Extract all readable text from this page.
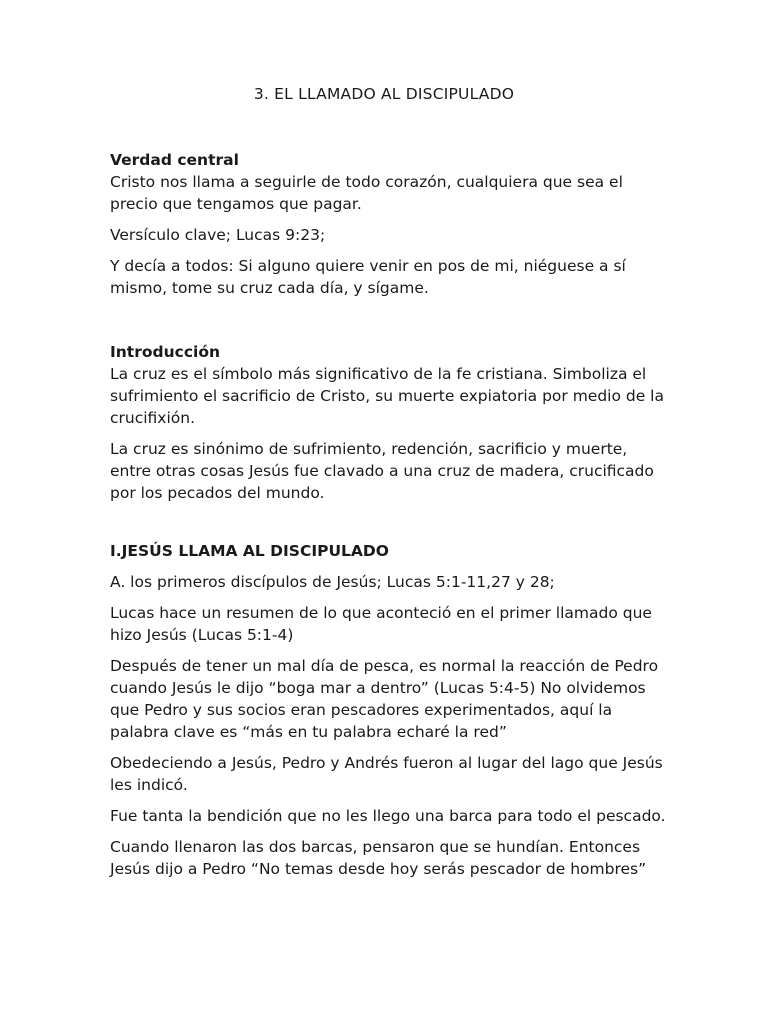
3. EL LLAMADO AL DISCIPULADO
Verdad central
Cristo nos llama a seguirle de todo corazón, cualquiera que sea el precio que tengamos que pagar.
Versículo clave; Lucas 9:23;
Y decía a todos: Si alguno quiere venir en pos de mi, niéguese a sí mismo, tome su cruz cada día, y sígame.
Introducción
La cruz es el símbolo más significativo de la fe cristiana. Simboliza el sufrimiento el sacrificio de Cristo, su muerte expiatoria por medio de la crucifixión.
La cruz es sinónimo de sufrimiento, redención, sacrificio y muerte, entre otras cosas Jesús fue clavado a una cruz de madera, crucificado por los pecados del mundo.
I.JESÚS LLAMA AL DISCIPULADO
A. los primeros discípulos de Jesús; Lucas 5:1-11,27 y 28;
Lucas hace un resumen de lo que aconteció en el primer llamado que hizo Jesús (Lucas 5:1-4)
Después de tener un mal día de pesca, es normal la reacción de Pedro cuando Jesús le dijo “boga mar a dentro” (Lucas 5:4-5) No olvidemos que Pedro y sus socios eran pescadores experimentados, aquí la palabra clave es “más en tu palabra echaré la red”
Obedeciendo a Jesús, Pedro y Andrés fueron al lugar del lago que Jesús les indicó.
Fue tanta la bendición que no les llego una barca para todo el pescado.
Cuando llenaron las dos barcas, pensaron que se hundían. Entonces Jesús dijo a Pedro “No temas desde hoy serás pescador de hombres”
